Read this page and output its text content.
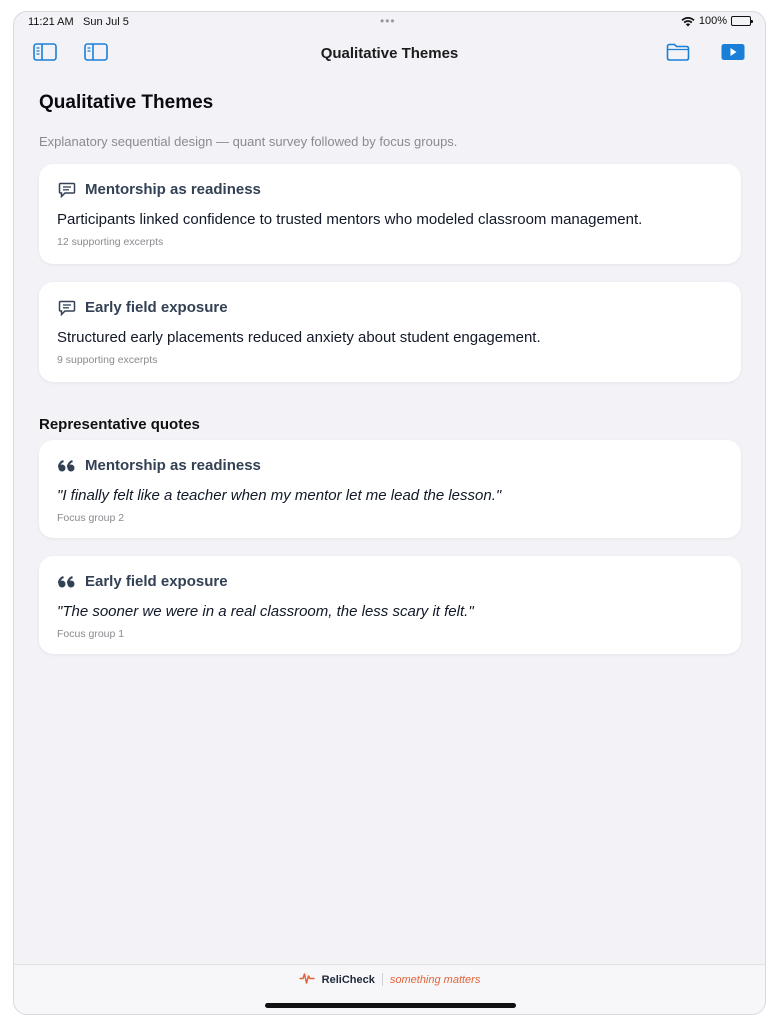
11:21 AM Sun Jul 5	•••	100%
Qualitative Themes
Qualitative Themes

Explanatory sequential design — quant survey followed by focus groups.

Mentorship as readiness

Participants linked confidence to trusted mentors who modeled classroom management.

12 supporting excerpts

Early field exposure

Structured early placements reduced anxiety about student engagement.

9 supporting excerpts

Representative quotes
Mentorship as readiness

"I finally felt like a teacher when my mentor let me lead the lesson."

Focus group 2

Early field exposure

"The sooner we were in a real classroom, the less scary it felt."

Focus group 1

ReliCheck something matters
